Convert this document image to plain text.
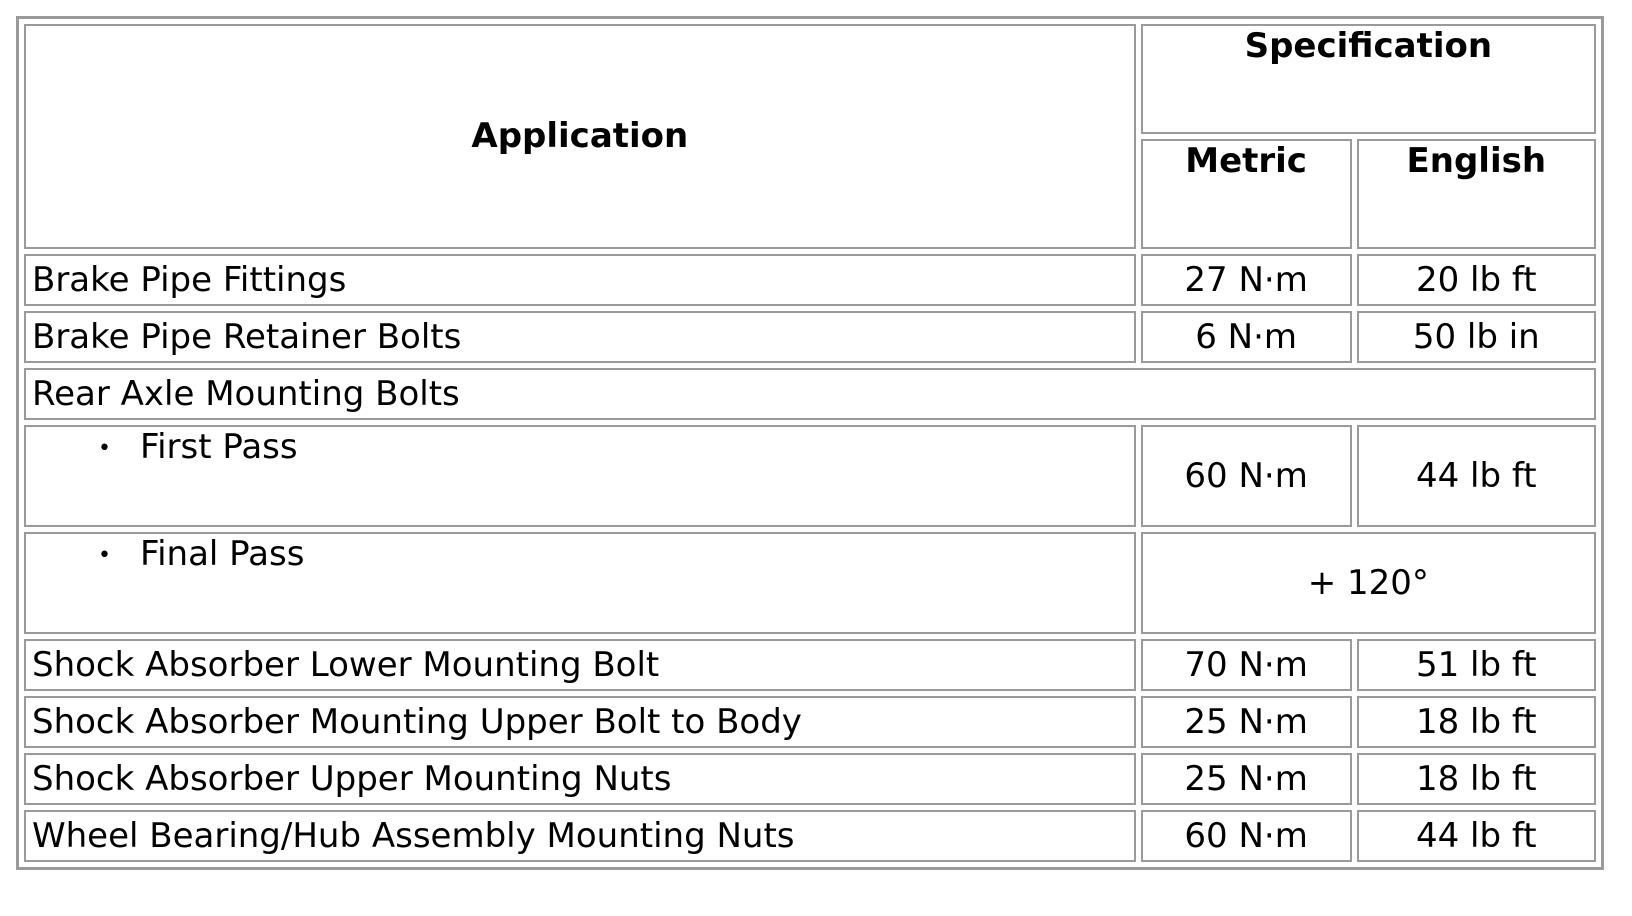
Application	Specification	
	Metric	English
Brake Pipe Fittings	27 N·m	20 lb ft
Brake Pipe Retainer Bolts	6 N·m	50 lb in
Rear Axle Mounting Bolts		

• First Pass	60 N·m	44 lb ft

• Final Pass	+ 120°	
Shock Absorber Lower Mounting Bolt	70 N·m	51 lb ft
Shock Absorber Mounting Upper Bolt to Body	25 N·m	18 lb ft
Shock Absorber Upper Mounting Nuts	25 N·m	18 lb ft
Wheel Bearing/Hub Assembly Mounting Nuts	60 N·m	44 lb ft
